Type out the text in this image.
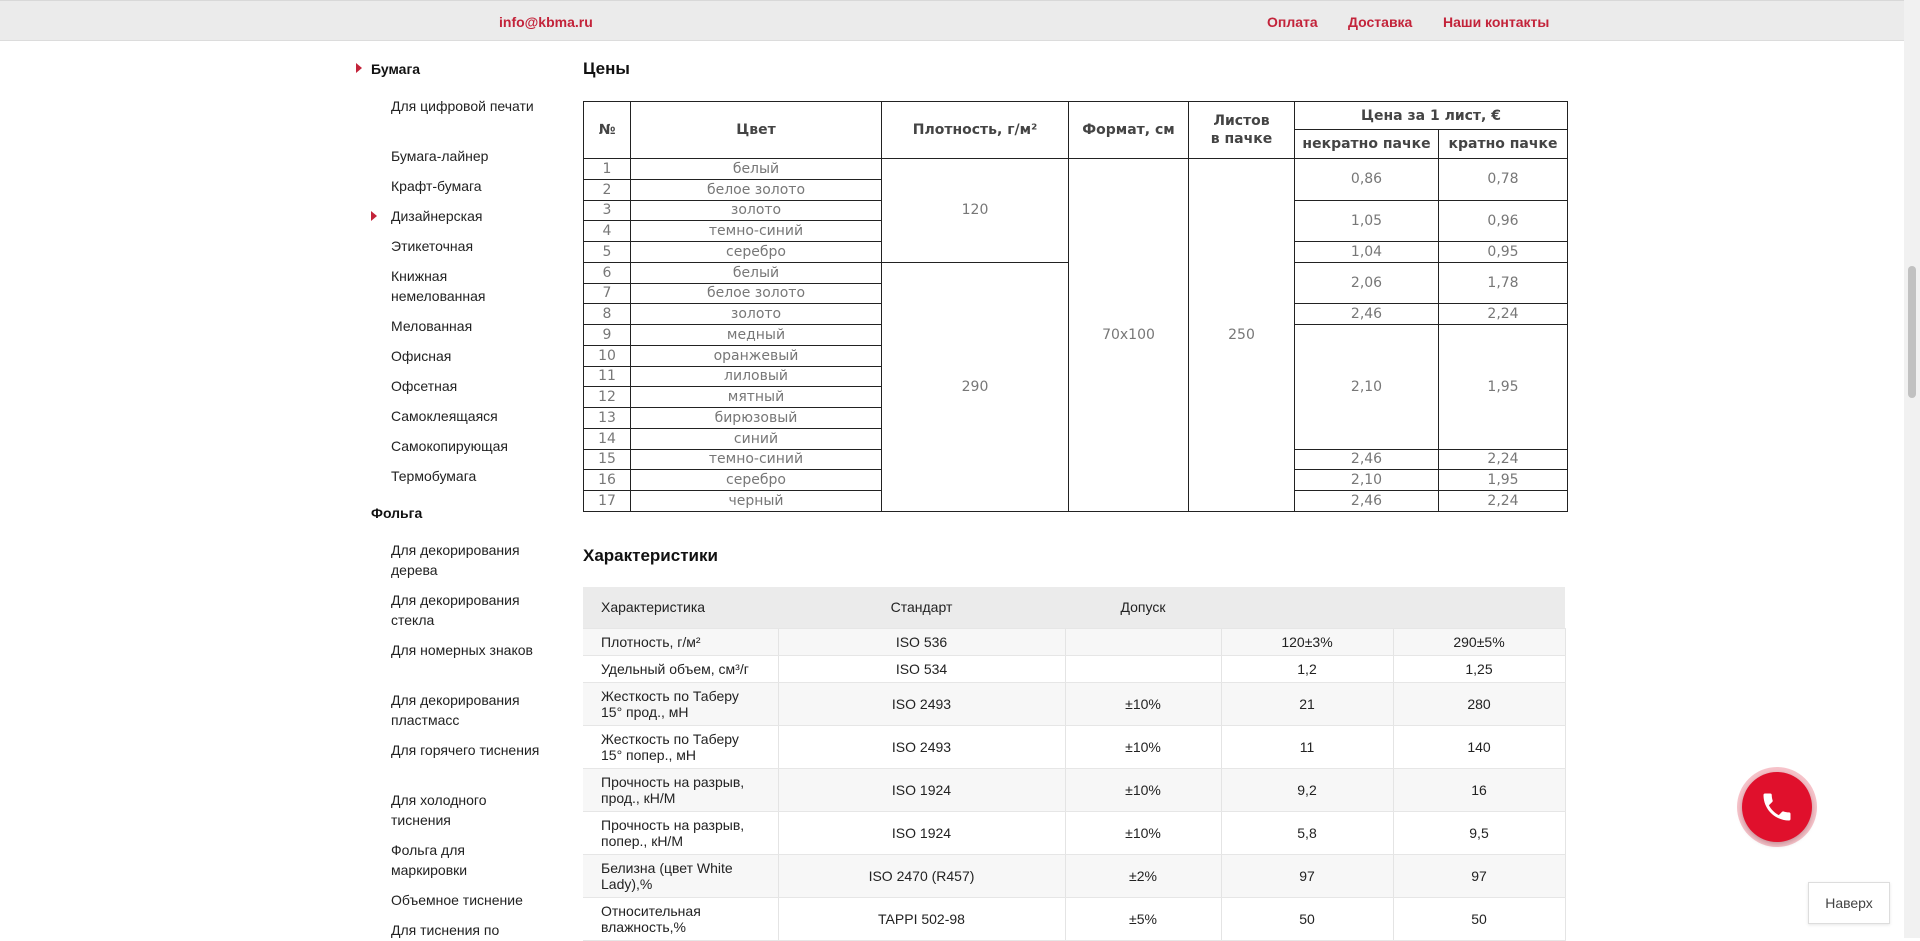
info@kbma.ru	Оплата Доставка Наши контакты
Бумага
Для цифровой печати
Бумага-лайнер
Крафт-бумага
Дизайнерская
Этикеточная
Книжная немелованная
Мелованная
Офисная
Офсетная
Самоклеящаяся
Самокопирующая
Термобумага
Фольга
Для декорирования дерева
Для декорирования стекла
Для номерных знаков
Для декорирования пластмасс
Для горячего тиснения
Для холодного тиснения
Фольга для маркировки
Объемное тиснение
Для тиснения по
Цены
№	Цвет	Плотность, г/м²	Формат, см	Листов в пачке	Цена за 1 лист, €	
					некратно пачке	кратно пачке
1	белый	120	70x100	250	0,86	0,78
2	белое золото					
3	золото				1,05	0,96
4	темно-синий					
5	серебро				1,04	0,95
6	белый	290			2,06	1,78
7	белое золото					
8	золото				2,46	2,24
9	медный				2,10	1,95
10	оранжевый					
11	лиловый					
12	мятный					
13	бирюзовый					
14	синий					
15	темно-синий				2,46	2,24
16	серебро				2,10	1,95
17	черный				2,46	2,24
Характеристики
Характеристика	Стандарт	Допуск		
Плотность, г/м²	ISO 536		120±3%	290±5%
Удельный объем, см³/г	ISO 534		1,2	1,25
Жесткость по Таберу 15° прод., мН	ISO 2493	±10%	21	280
Жесткость по Таберу 15° попер., мН	ISO 2493	±10%	11	140
Прочность на разрыв, прод., кН/М	ISO 1924	±10%	9,2	16
Прочность на разрыв, попер., кН/М	ISO 1924	±10%	5,8	9,5
Белизна (цвет White Lady),%	ISO 2470 (R457)	±2%	97	97
Относительная влажность,%	TAPPI 502-98	±5%	50	50
Наверх
